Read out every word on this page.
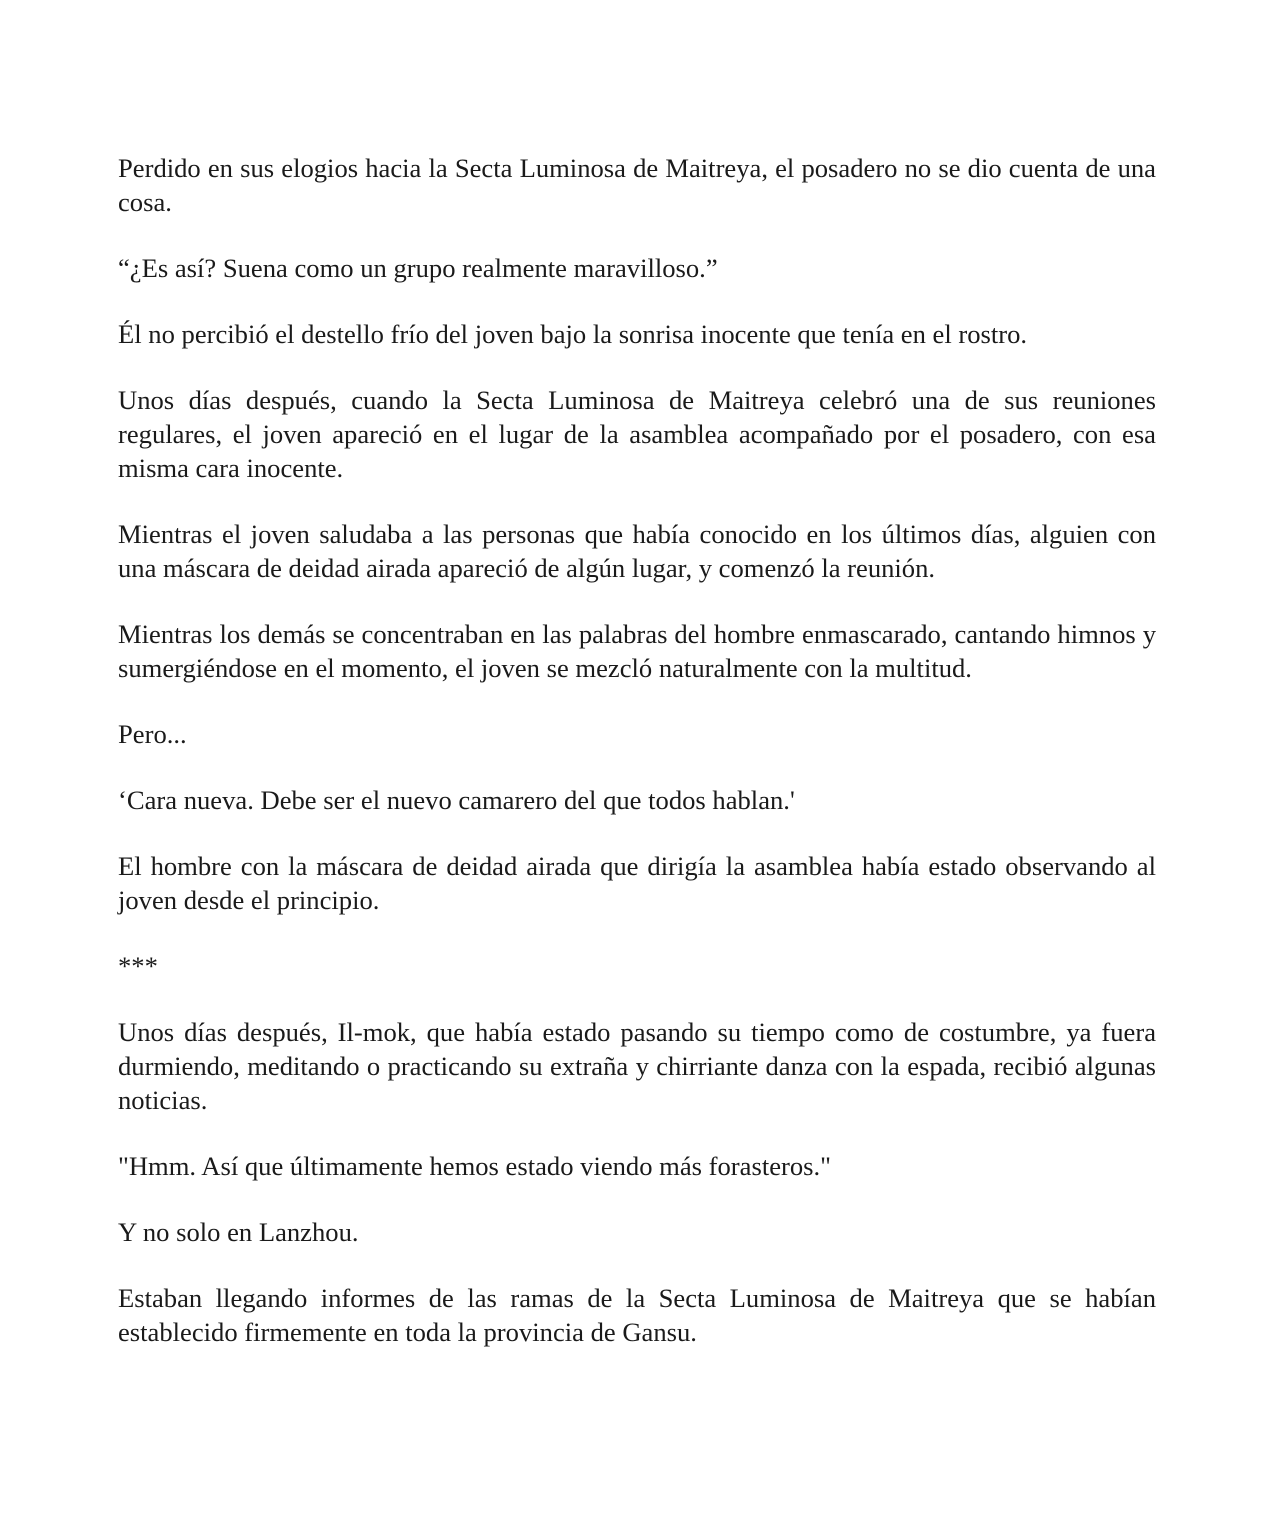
Perdido en sus elogios hacia la Secta Luminosa de Maitreya, el posadero no se dio cuenta de una cosa.

“¿Es así? Suena como un grupo realmente maravilloso.”

Él no percibió el destello frío del joven bajo la sonrisa inocente que tenía en el rostro.

Unos días después, cuando la Secta Luminosa de Maitreya celebró una de sus reuniones regulares, el joven apareció en el lugar de la asamblea acompañado por el posadero, con esa misma cara inocente.

Mientras el joven saludaba a las personas que había conocido en los últimos días, alguien con una máscara de deidad airada apareció de algún lugar, y comenzó la reunión.

Mientras los demás se concentraban en las palabras del hombre enmascarado, cantando himnos y sumergiéndose en el momento, el joven se mezcló naturalmente con la multitud.

Pero...

‘Cara nueva. Debe ser el nuevo camarero del que todos hablan.'

El hombre con la máscara de deidad airada que dirigía la asamblea había estado observando al joven desde el principio.

***

Unos días después, Il-mok, que había estado pasando su tiempo como de costumbre, ya fuera durmiendo, meditando o practicando su extraña y chirriante danza con la espada, recibió algunas noticias.

"Hmm. Así que últimamente hemos estado viendo más forasteros."

Y no solo en Lanzhou.

Estaban llegando informes de las ramas de la Secta Luminosa de Maitreya que se habían establecido firmemente en toda la provincia de Gansu.
